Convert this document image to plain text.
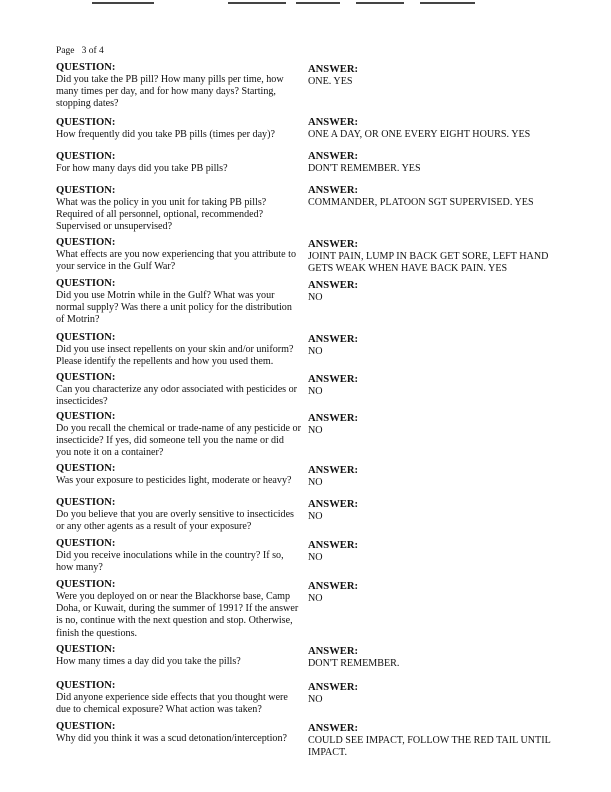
Page 3 of 4
QUESTION:
Did you take the PB pill? How many pills per time, how many times per day, and for how many days? Starting, stopping dates?
ANSWER:
ONE. YES
QUESTION:
How frequently did you take PB pills (times per day)?
ANSWER:
ONE A DAY, OR ONE EVERY EIGHT HOURS. YES
QUESTION:
For how many days did you take PB pills?
ANSWER:
DON'T REMEMBER. YES
QUESTION:
What was the policy in you unit for taking PB pills? Required of all personnel, optional, recommended? Supervised or unsupervised?
ANSWER:
COMMANDER, PLATOON SGT SUPERVISED. YES
QUESTION:
What effects are you now experiencing that you attribute to your service in the Gulf War?
ANSWER:
JOINT PAIN, LUMP IN BACK GET SORE, LEFT HAND GETS WEAK WHEN HAVE BACK PAIN. YES
QUESTION:
Did you use Motrin while in the Gulf? What was your normal supply? Was there a unit policy for the distribution of Motrin?
ANSWER:
NO
QUESTION:
Did you use insect repellents on your skin and/or uniform? Please identify the repellents and how you used them.
ANSWER:
NO
QUESTION:
Can you characterize any odor associated with pesticides or insecticides?
ANSWER:
NO
QUESTION:
Do you recall the chemical or trade-name of any pesticide or insecticide? If yes, did someone tell you the name or did you note it on a container?
ANSWER:
NO
QUESTION:
Was your exposure to pesticides light, moderate or heavy?
ANSWER:
NO
QUESTION:
Do you believe that you are overly sensitive to insecticides or any other agents as a result of your exposure?
ANSWER:
NO
QUESTION:
Did you receive inoculations while in the country? If so, how many?
ANSWER:
NO
QUESTION:
Were you deployed on or near the Blackhorse base, Camp Doha, or Kuwait, during the summer of 1991? If the answer is no, continue with the next question and stop. Otherwise, finish the questions.
ANSWER:
NO
QUESTION:
How many times a day did you take the pills?
ANSWER:
DON'T REMEMBER.
QUESTION:
Did anyone experience side effects that you thought were due to chemical exposure? What action was taken?
ANSWER:
NO
QUESTION:
Why did you think it was a scud detonation/interception?
ANSWER:
COULD SEE IMPACT, FOLLOW THE RED TAIL UNTIL IMPACT.
